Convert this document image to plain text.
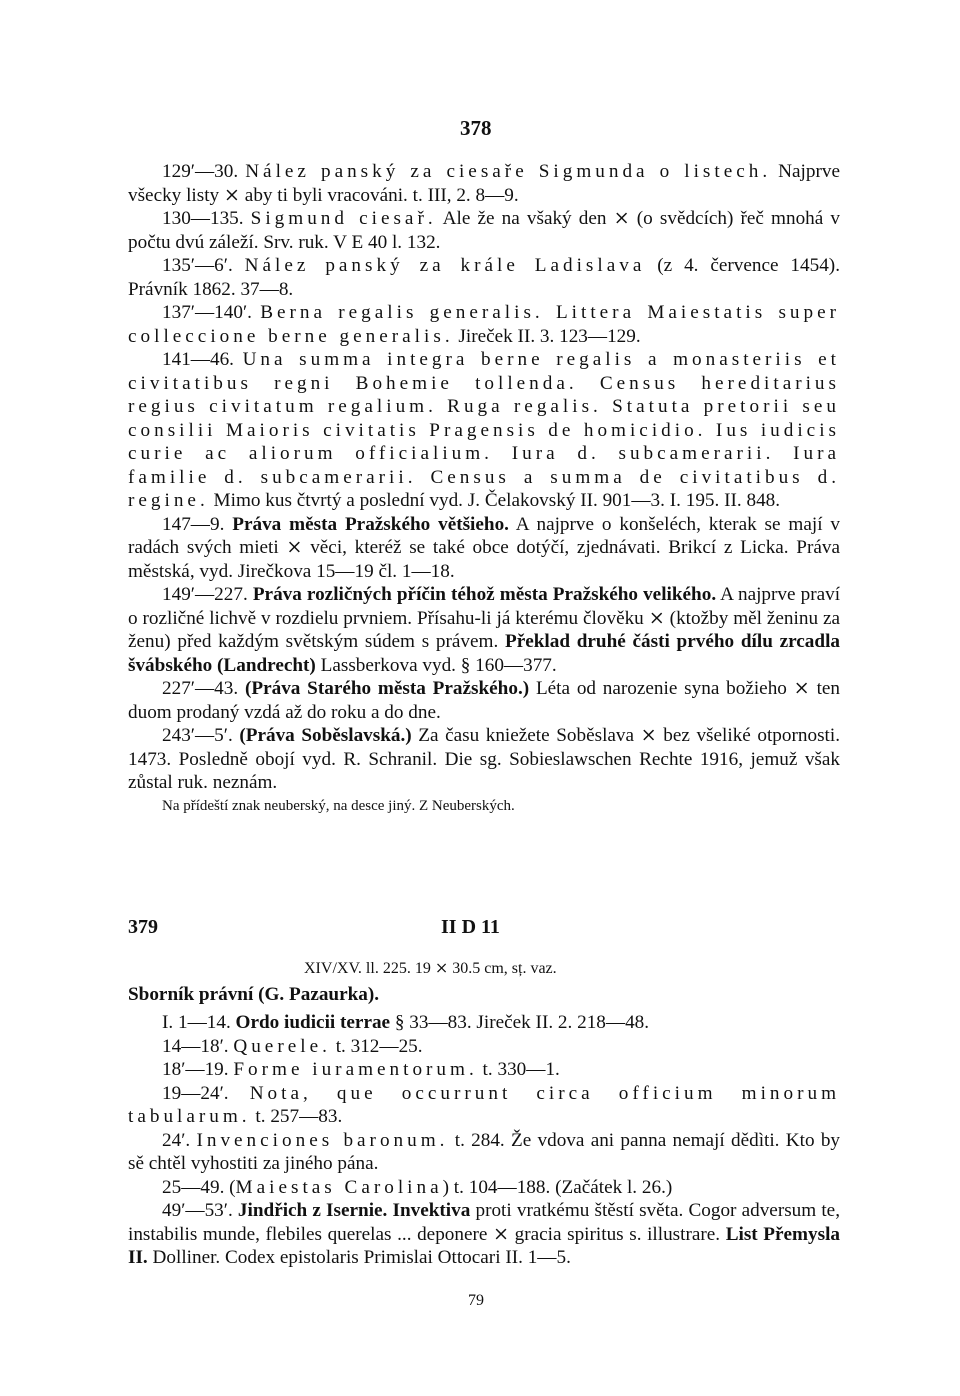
378

129′—30. Nález panský za ciesaře Sigmunda o listech. Najprve všecky listy ⨯ aby ti byli vracováni. t. III, 2. 8—9.

130—135. Sigmund ciesař. Ale že na všaký den ⨯ (o svědcích) řeč mnohá v počtu dvú záleží. Srv. ruk. V E 40 l. 132.

135′—6′. Nález panský za krále Ladislava (z 4. července 1454). Právník 1862. 37—8.

137′—140′. Berna regalis generalis. Littera Maiestatis super colleccione berne generalis. Jireček II. 3. 123—129.

141—46. Una summa integra berne regalis a monasteriis et civitatibus regni Bohemie tollenda. Census hereditarius regius civitatum regalium. Ruga regalis. Statuta pretorii seu consilii Maioris civitatis Pragensis de homicidio. Ius iudicis curie ac aliorum officialium. Iura d. subcamerarii. Iura familie d. subcamerarii. Census a summa de civitatibus d. regine. Mimo kus čtvrtý a poslední vyd. J. Čelakovský II. 901—3. I. 195. II. 848.

147—9. Práva města Pražského většieho. A najprve o konšeléch, kterak se mají v radách svých mieti ⨯ věci, kteréž se také obce dotýčí, zjednávati. Brikcí z Licka. Práva městská, vyd. Jirečkova 15—19 čl. 1—18.

149′—227. Práva rozličných příčin téhož města Pražského velikého. A najprve praví o rozličné lichvě v rozdielu prvniem. Přísahu-li já kterému člověku ⨯ (ktožby měl ženinu za ženu) před každým světským súdem s právem. Překlad druhé části prvého dílu zrcadla švábského (Landrecht) Lassberkova vyd. § 160—377.

227′—43. (Práva Starého města Pražského.) Léta od narozenie syna božieho ⨯ ten duom prodaný vzdá až do roku a do dne.

243′—5′. (Práva Soběslavská.) Za času kniežete Soběslava ⨯ bez všeliké otpornosti. 1473. Posledně obojí vyd. R. Schranil. Die sg. Sobieslawschen Rechte 1916, jemuž však zůstal ruk. neznám.

Na přídeští znak neuberský, na desce jiný. Z Neuberských.

379	II D 11

XIV/XV. ll. 225. 19 ⨯ 30.5 cm, sț. vaz.

Sborník právní (G. Pazaurka).

I. 1—14. Ordo iudicii terrae § 33—83. Jireček II. 2. 218—48.

14—18′. Querele. t. 312—25.

18′—19. Forme iuramentorum. t. 330—1.

19—24′. Nota, que occurrunt circa officium minorum tabularum. t. 257—83.

24′. Invenciones baronum. t. 284. Že vdova ani panna nemají dědìti. Kto by sě chtěl vyhostiti za jiného pána.

25—49. (Maiestas Carolina) t. 104—188. (Začátek l. 26.)

49′—53′. Jindřich z Isernie. Invektiva proti vratkému štěstí světa. Cogor adversum te, instabilis munde, flebiles querelas ... deponere ⨯ gracia spiritus s. illustrare. List Přemysla II. Dolliner. Codex epistolaris Primislai Ottocari II. 1—5.

79
